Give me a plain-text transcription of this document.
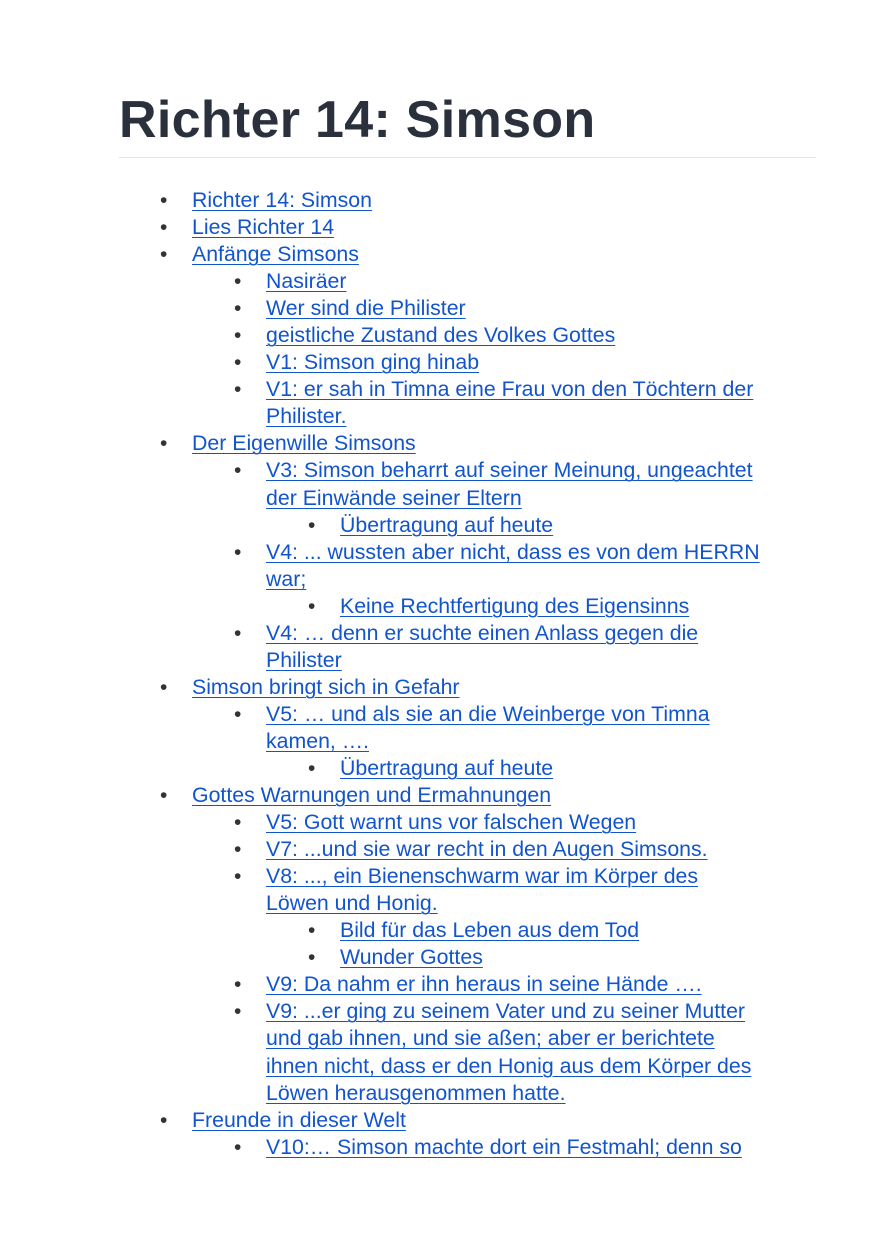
Richter 14: Simson
• Richter 14: Simson
• Lies Richter 14
• Anfänge Simsons
• Nasiräer
• Wer sind die Philister
• geistliche Zustand des Volkes Gottes
• V1: Simson ging hinab
• V1: er sah in Timna eine Frau von den Töchtern der
Philister.
• Der Eigenwille Simsons
• V3: Simson beharrt auf seiner Meinung, ungeachtet
der Einwände seiner Eltern
• Übertragung auf heute
• V4: ... wussten aber nicht, dass es von dem HERRN
war;
• Keine Rechtfertigung des Eigensinns
• V4: … denn er suchte einen Anlass gegen die
Philister
• Simson bringt sich in Gefahr
• V5: … und als sie an die Weinberge von Timna
kamen, ….
• Übertragung auf heute
• Gottes Warnungen und Ermahnungen
• V5: Gott warnt uns vor falschen Wegen
• V7: ...und sie war recht in den Augen Simsons.
• V8: ..., ein Bienenschwarm war im Körper des
Löwen und Honig.
• Bild für das Leben aus dem Tod
• Wunder Gottes
• V9: Da nahm er ihn heraus in seine Hände ….
• V9: ...er ging zu seinem Vater und zu seiner Mutter
und gab ihnen, und sie aßen; aber er berichtete
ihnen nicht, dass er den Honig aus dem Körper des
Löwen herausgenommen hatte.
• Freunde in dieser Welt
• V10:… Simson machte dort ein Festmahl; denn so
